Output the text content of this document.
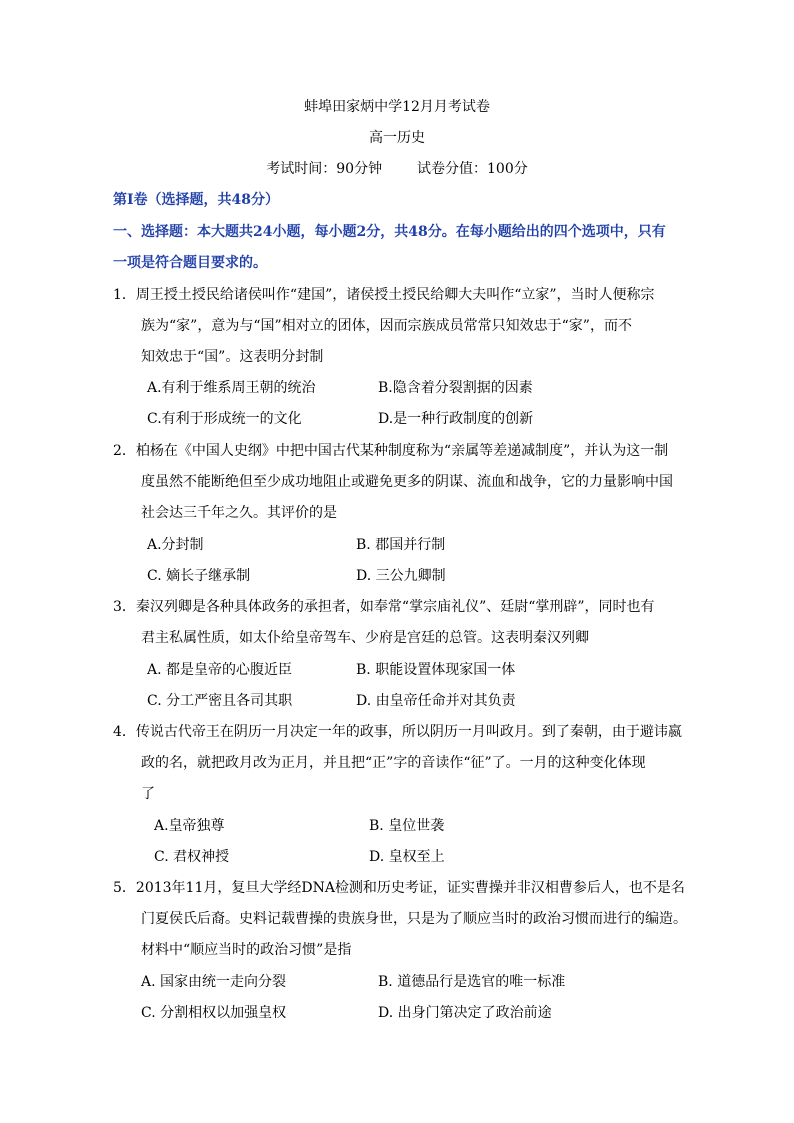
蚌埠田家炳中学12月月考试卷
高一历史
考试时间：90分钟 试卷分值：100分
第Ⅰ卷（选择题，共48分）
一、选择题：本大题共24小题，每小题2分，共48分。在每小题给出的四个选项中，只有
一项是符合题目要求的。
1．周王授土授民给诸侯叫作“建国”，诸侯授土授民给卿大夫叫作“立家”，当时人便称宗
族为“家”，意为与“国”相对立的团体，因而宗族成员常常只知效忠于“家”，而不
知效忠于“国”。这表明分封制
A.有利于维系周王朝的统治	B.隐含着分裂割据的因素
C.有利于形成统一的文化	D.是一种行政制度的创新
2．柏杨在《中国人史纲》中把中国古代某种制度称为“亲属等差递减制度”，并认为这一制
度虽然不能断绝但至少成功地阻止或避免更多的阴谋、流血和战争，它的力量影响中国
社会达三千年之久。其评价的是
A.分封制	B. 郡国并行制
C. 嫡长子继承制	D. 三公九卿制
3．秦汉列卿是各种具体政务的承担者，如奉常“掌宗庙礼仪”、廷尉“掌刑辟”，同时也有
君主私属性质，如太仆给皇帝驾车、少府是宫廷的总管。这表明秦汉列卿
A. 都是皇帝的心腹近臣	B. 职能设置体现家国一体
C. 分工严密且各司其职	D. 由皇帝任命并对其负责
4．传说古代帝王在阴历一月决定一年的政事，所以阴历一月叫政月。到了秦朝，由于避讳嬴
政的名，就把政月改为正月，并且把“正”字的音读作“征”了。一月的这种变化体现
了
A.皇帝独尊	B. 皇位世袭
C. 君权神授	D. 皇权至上
5．2013年11月，复旦大学经DNA检测和历史考证，证实曹操并非汉相曹参后人，也不是名
门夏侯氏后裔。史料记载曹操的贵族身世，只是为了顺应当时的政治习惯而进行的编造。
材料中“顺应当时的政治习惯”是指
A. 国家由统一走向分裂	B. 道德品行是选官的唯一标准
C. 分割相权以加强皇权	D. 出身门第决定了政治前途
